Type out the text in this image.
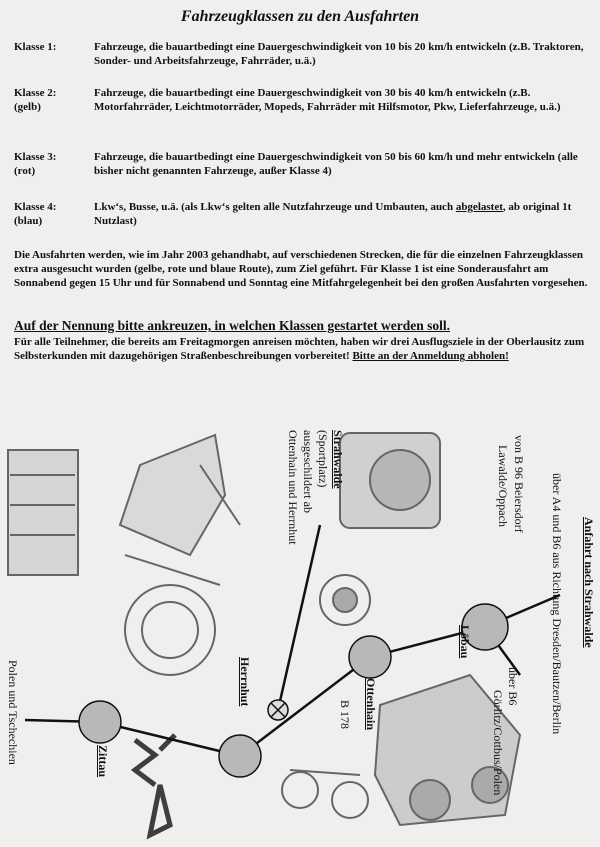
Fahrzeugklassen zu den Ausfahrten
Klasse 1:	Fahrzeuge, die bauartbedingt eine Dauergeschwindigkeit von 10 bis 20 km/h entwickeln (z.B. Traktoren, Sonder- und Arbeitsfahrzeuge, Fahrräder, u.ä.)
Klasse 2:
(gelb)
Fahrzeuge, die bauartbedingt eine Dauergeschwindigkeit von 30 bis 40 km/h entwickeln (z.B. Motorfahrräder, Leichtmotorräder, Mopeds, Fahrräder mit Hilfsmotor, Pkw, Lieferfahrzeuge, u.ä.)
Klasse 3:
(rot)
Fahrzeuge, die bauartbedingt eine Dauergeschwindigkeit von 50 bis 60 km/h und mehr entwickeln (alle bisher nicht genannten Fahrzeuge, außer Klasse 4)
Klasse 4:
(blau)
Lkw‘s, Busse, u.ä. (als Lkw‘s gelten alle Nutzfahrzeuge und Umbauten, auch abgelastet, ab original 1t Nutzlast)
Die Ausfahrten werden, wie im Jahr 2003 gehandhabt, auf verschiedenen Strecken, die für die einzelnen Fahrzeugklassen extra ausgesucht wurden (gelbe, rote und blaue Route), zum Ziel geführt. Für Klasse 1 ist eine Sonderausfahrt am Sonnabend gegen 15 Uhr und für Sonnabend und Sonntag eine Mitfahrgelegenheit bei den großen Ausfahrten vorgesehen.
Auf der Nennung bitte ankreuzen, in welchen Klassen gestartet werden soll.
Für alle Teilnehmer, die bereits am Freitagmorgen anreisen möchten, haben wir drei Ausflugsziele in der Oberlausitz zum Selbsterkunden mit dazugehörigen Straßenbeschreibungen vorbereitet! Bitte an der Anmeldung abholen!
Anfahrt nach Strahwalde
über A4 und B6 aus Richtung Dresden/Bautzen/Berlin
von B 96 Beiersdorf
Lawalde/Oppach
über B6
Görlitz/Cottbus/Polen
Löbau
Strahwalde
(Sportplatz)
ausgeschildert ab
Ottenhain und Herrnhut
Ottenhain
B 178
Herrnhut
Zittau
Polen und Tschechien
